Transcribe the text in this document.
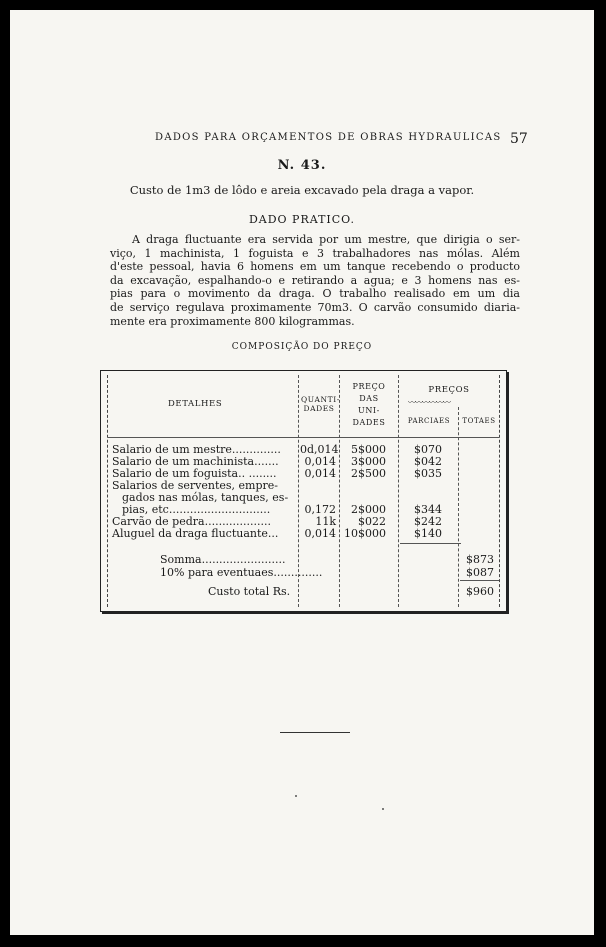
DADOS PARA ORÇAMENTOS DE OBRAS HYDRAULICAS 57
N. 43.
Custo de 1m3 de lôdo e areia excavado pela draga a vapor.
DADO PRATICO.
A draga fluctuante era servida por um mestre, que dirigia o ser-
viço, 1 machinista, 1 foguista e 3 trabalhadores nas mólas. Além
d'este pessoal, havia 6 homens em um tanque recebendo o producto
da excavação, espalhando-o e retirando a agua; e 3 homens nas es-
pias para o movimento da draga. O trabalho realisado em um dia
de serviço regulava proximamente 70m3. O carvão consumido diaria-
mente era proximamente 800 kilogrammas.
COMPOSIÇÃO DO PREÇO
DETALHES	QUANTI-
DADES
PREÇO
DAS
UNI-
DADES
PREÇOS
〰〰〰〰〰〰
PARCIAES	TOTAES
Salario de um mestre.............. 0d,014	5$000	$070
Salario de um machinista.......	0,014	3$000	$042
Salario de um foguista.. ........	0,014	2$500	$035
Salarios de serventes, empre-
gados nas mólas, tanques, es-
pias, etc.............................	0,172	2$000	$344
Carvão de pedra...................	11k	$022	$242
Aluguel da draga fluctuante...	0,014 10$000	$140
Somma........................	$873
10% para eventuaes..............	$087
Custo total Rs.	$960
